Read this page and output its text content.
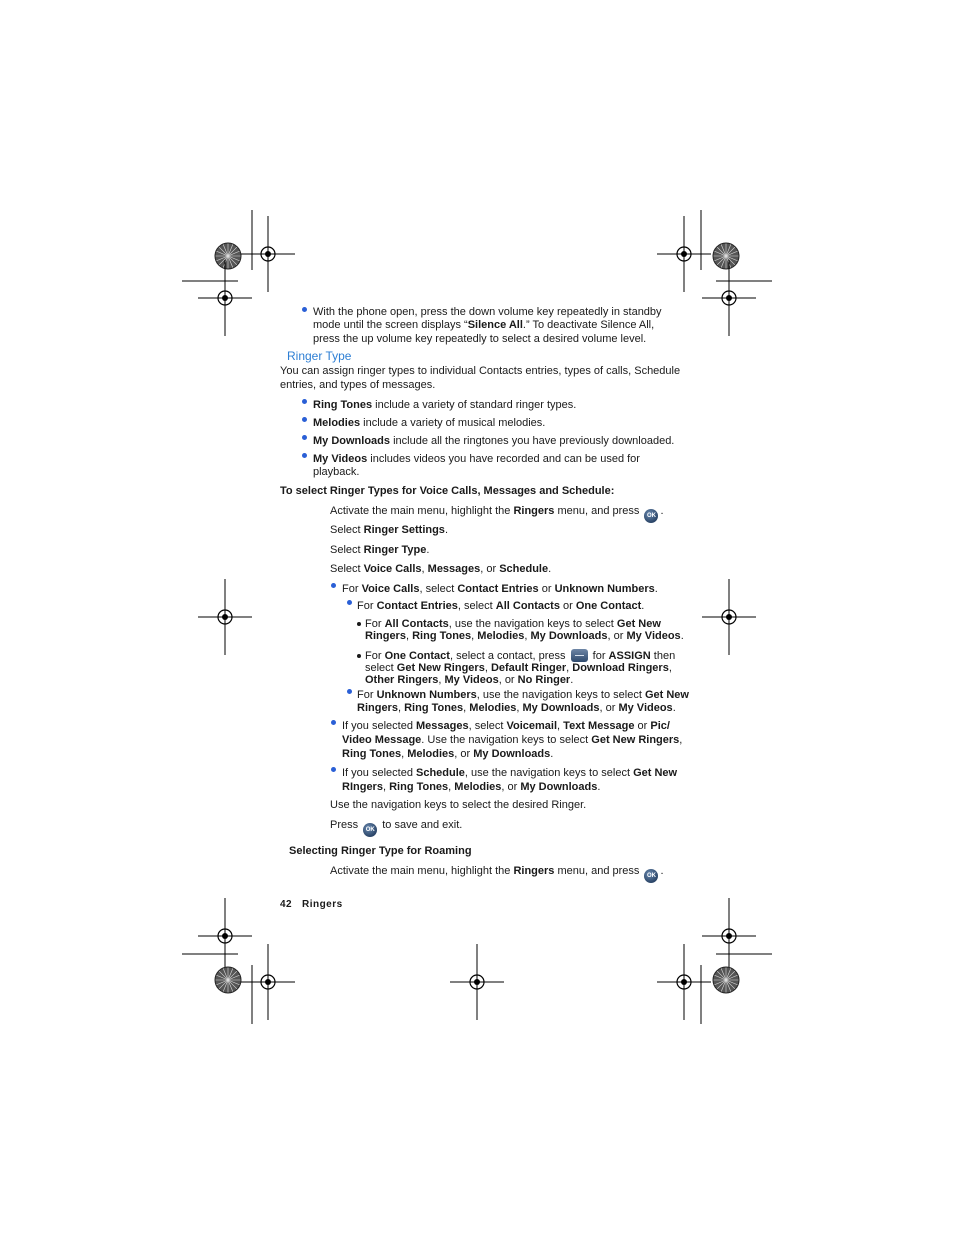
With the phone open, press the down volume key repeatedly in standby
mode until the screen displays “Silence All.” To deactivate Silence All,
press the up volume key repeatedly to select a desired volume level.
Ringer Type
You can assign ringer types to individual Contacts entries, types of calls, Schedule
entries, and types of messages.
Ring Tones include a variety of standard ringer types.
Melodies include a variety of musical melodies.
My Downloads include all the ringtones you have previously downloaded.
My Videos includes videos you have recorded and can be used for
playback.
To select Ringer Types for Voice Calls, Messages and Schedule:
Activate the main menu, highlight the Ringers menu, and press OK .
Select Ringer Settings.
Select Ringer Type.
Select Voice Calls, Messages, or Schedule.
For Voice Calls, select Contact Entries or Unknown Numbers.
For Contact Entries, select All Contacts or One Contact.
For All Contacts, use the navigation keys to select Get New
Ringers, Ring Tones, Melodies, My Downloads, or My Videos.
For One Contact, select a contact, press  for ASSIGN then
select Get New Ringers, Default Ringer, Download Ringers,
Other Ringers, My Videos, or No Ringer.
For Unknown Numbers, use the navigation keys to select Get New
Ringers, Ring Tones, Melodies, My Downloads, or My Videos.
If you selected Messages, select Voicemail, Text Message or Pic/
Video Message. Use the navigation keys to select Get New Ringers,
Ring Tones, Melodies, or My Downloads.
If you selected Schedule, use the navigation keys to select Get New
RIngers, Ring Tones, Melodies, or My Downloads.
Use the navigation keys to select the desired Ringer.
Press OK to save and exit.
Selecting Ringer Type for Roaming
Activate the main menu, highlight the Ringers menu, and press OK .
42 Ringers
